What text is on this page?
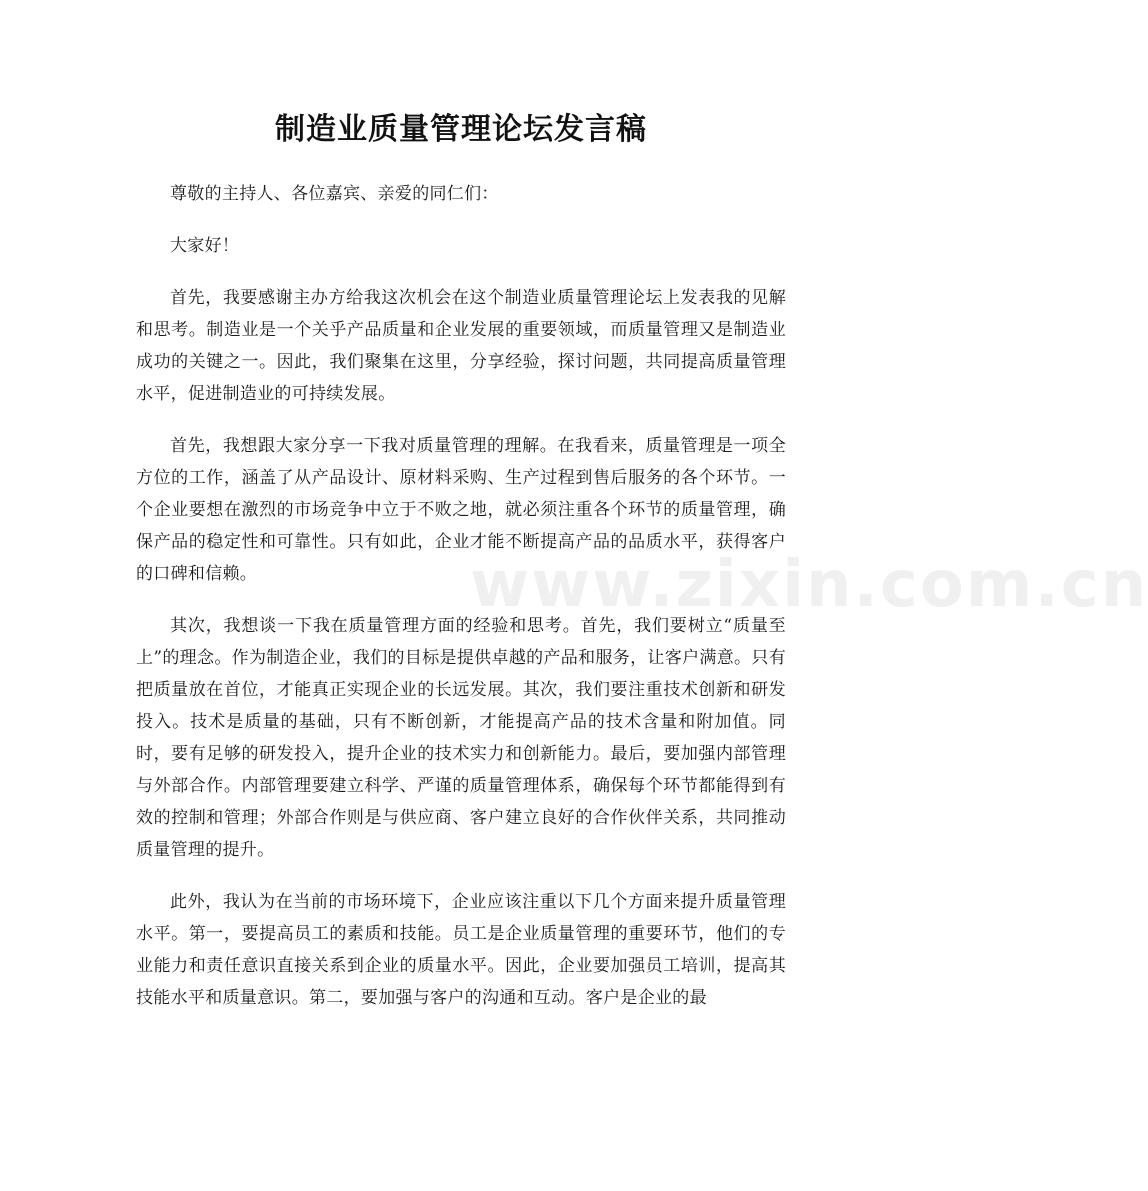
制造业质量管理论坛发言稿

尊敬的主持人、各位嘉宾、亲爱的同仁们：

大家好！

首先，我要感谢主办方给我这次机会在这个制造业质量管理论坛上发表我的见解和思考。制造业是一个关乎产品质量和企业发展的重要领域，而质量管理又是制造业成功的关键之一。因此，我们聚集在这里，分享经验，探讨问题，共同提高质量管理水平，促进制造业的可持续发展。

首先，我想跟大家分享一下我对质量管理的理解。在我看来，质量管理是一项全方位的工作，涵盖了从产品设计、原材料采购、生产过程到售后服务的各个环节。一个企业要想在激烈的市场竞争中立于不败之地，就必须注重各个环节的质量管理，确保产品的稳定性和可靠性。只有如此，企业才能不断提高产品的品质水平，获得客户的口碑和信赖。

其次，我想谈一下我在质量管理方面的经验和思考。首先，我们要树立“质量至上”的理念。作为制造企业，我们的目标是提供卓越的产品和服务，让客户满意。只有把质量放在首位，才能真正实现企业的长远发展。其次，我们要注重技术创新和研发投入。技术是质量的基础，只有不断创新，才能提高产品的技术含量和附加值。同时，要有足够的研发投入，提升企业的技术实力和创新能力。最后，要加强内部管理与外部合作。内部管理要建立科学、严谨的质量管理体系，确保每个环节都能得到有效的控制和管理；外部合作则是与供应商、客户建立良好的合作伙伴关系，共同推动质量管理的提升。

此外，我认为在当前的市场环境下，企业应该注重以下几个方面来提升质量管理水平。第一，要提高员工的素质和技能。员工是企业质量管理的重要环节，他们的专业能力和责任意识直接关系到企业的质量水平。因此，企业要加强员工培训，提高其技能水平和质量意识。第二，要加强与客户的沟通和互动。客户是企业的最

www.zixin.com.cn
